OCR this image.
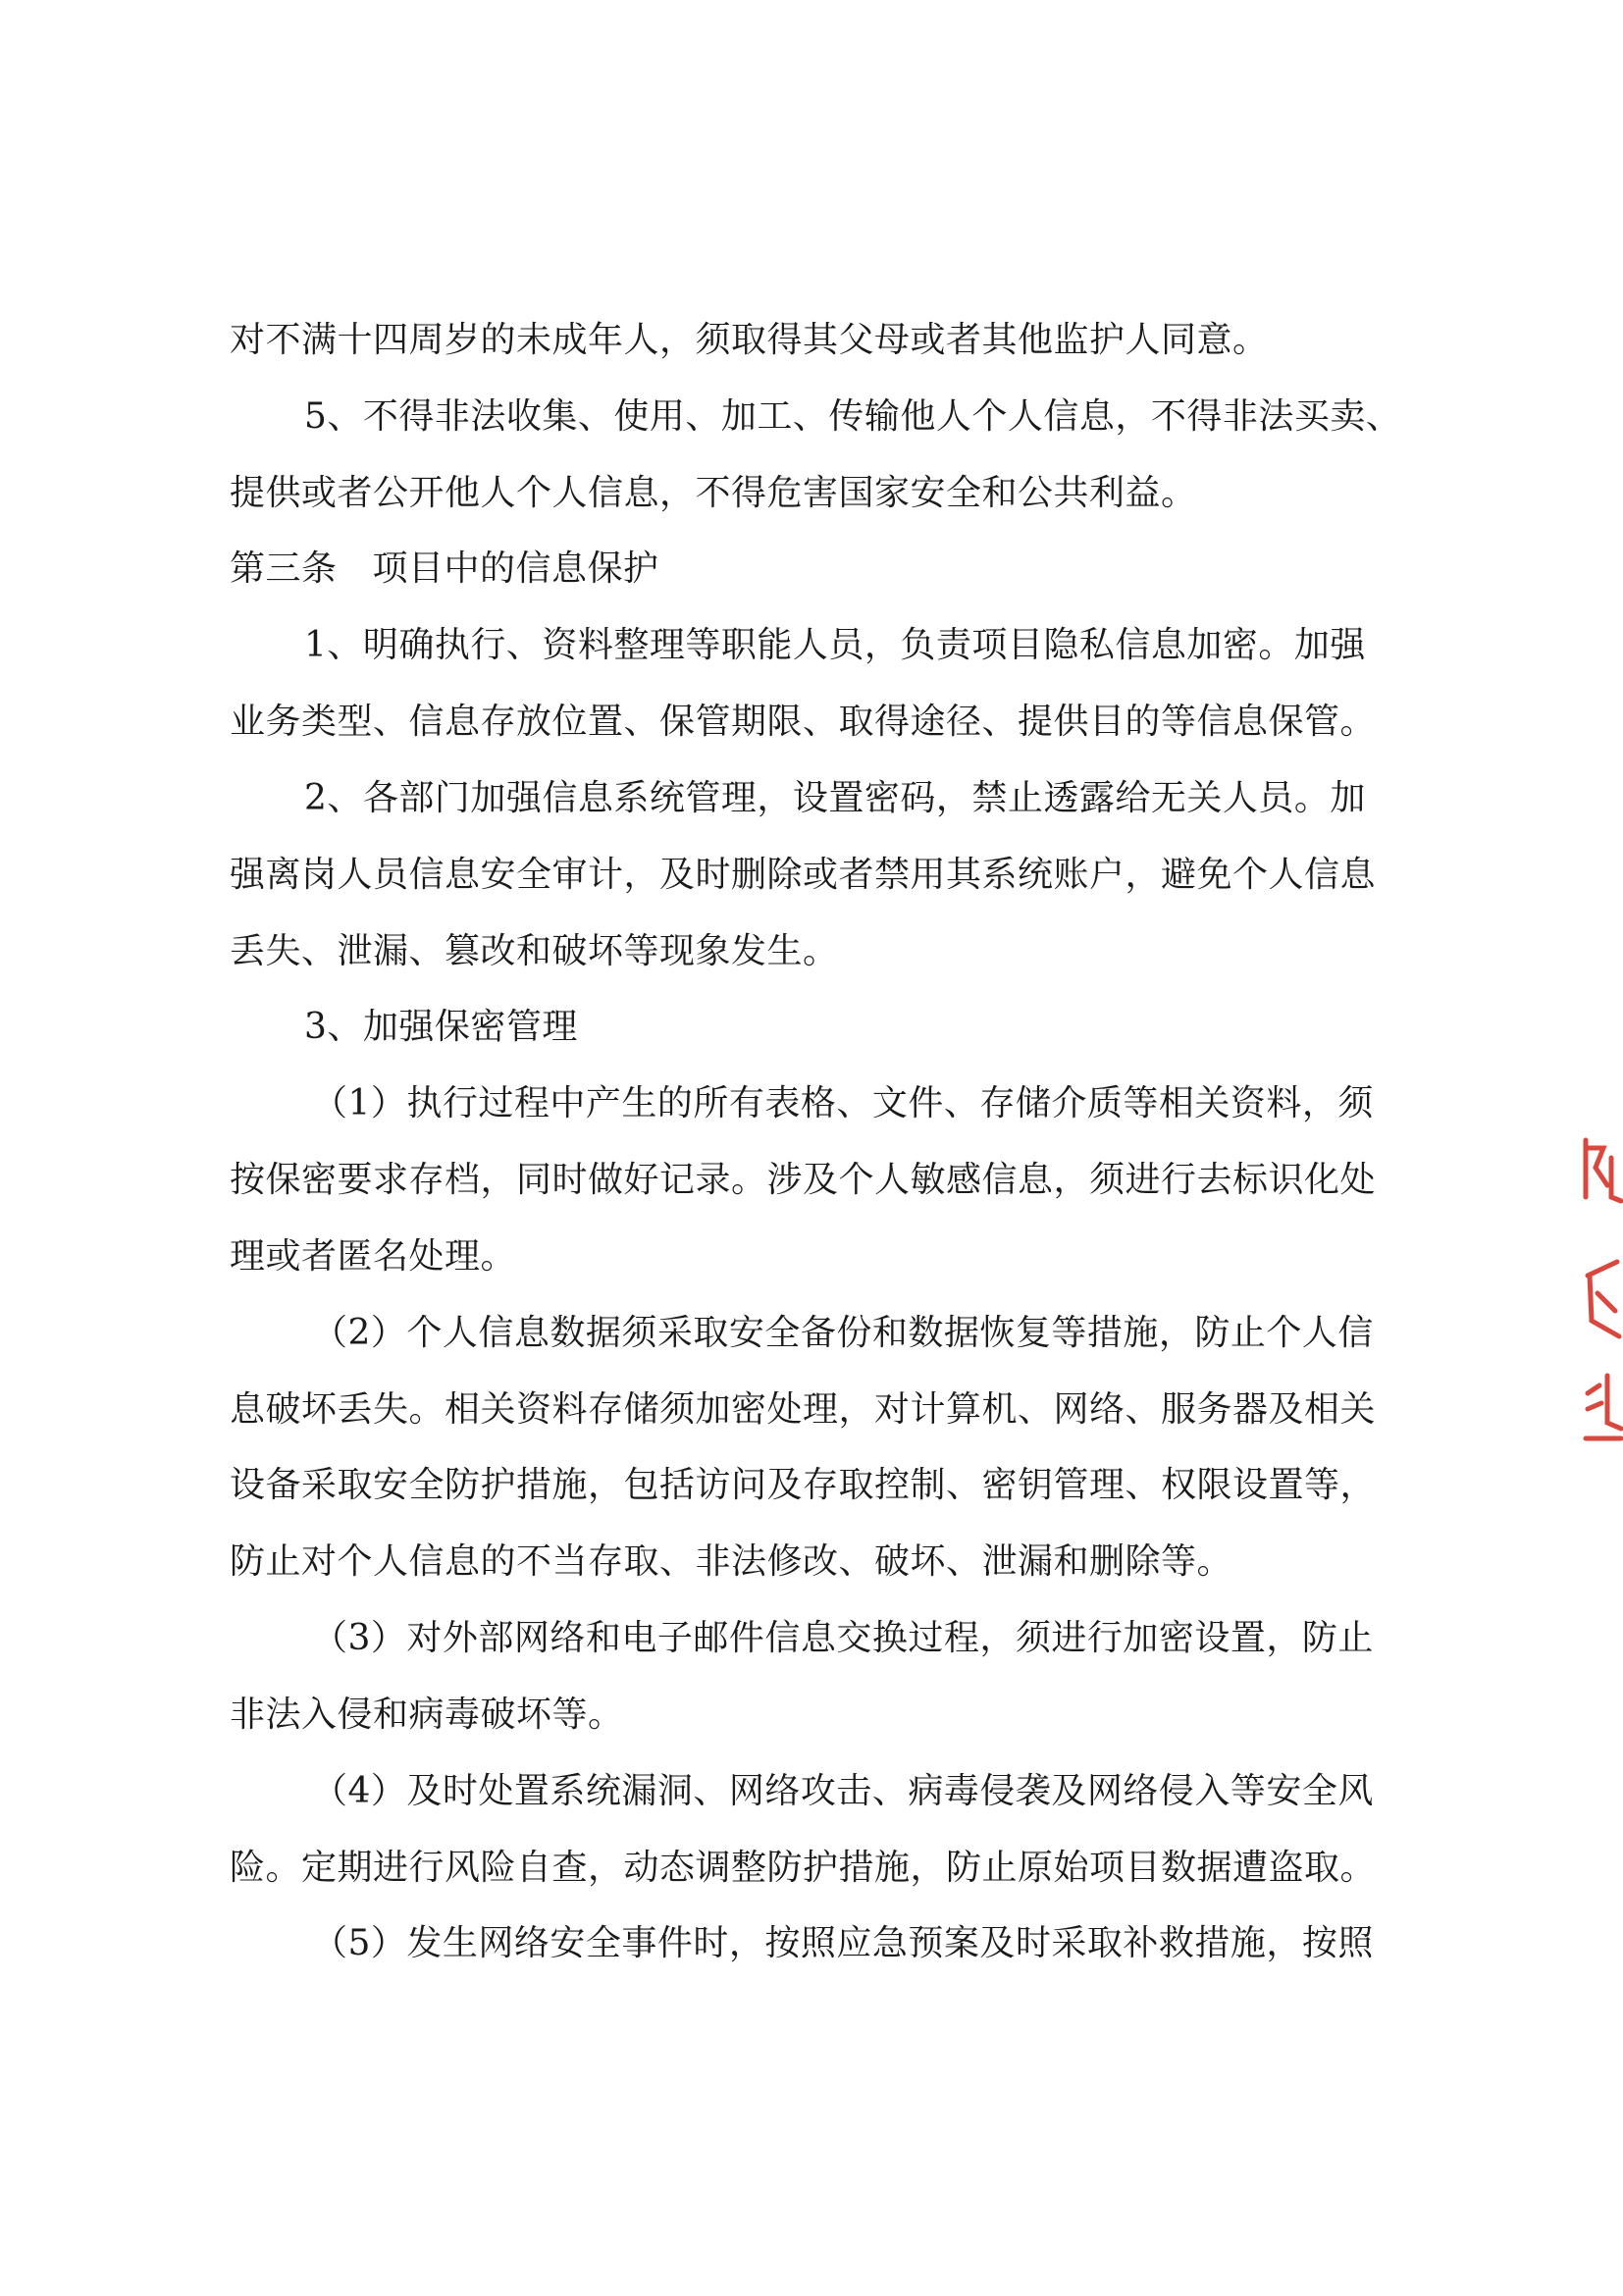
对不满十四周岁的未成年人，须取得其父母或者其他监护人同意。
5、不得非法收集、使用、加工、传输他人个人信息，不得非法买卖、
提供或者公开他人个人信息，不得危害国家安全和公共利益。
第三条 项目中的信息保护
1、明确执行、资料整理等职能人员，负责项目隐私信息加密。加强
业务类型、信息存放位置、保管期限、取得途径、提供目的等信息保管。
2、各部门加强信息系统管理，设置密码，禁止透露给无关人员。加
强离岗人员信息安全审计，及时删除或者禁用其系统账户，避免个人信息
丢失、泄漏、篡改和破坏等现象发生。
3、加强保密管理
（1）执行过程中产生的所有表格、文件、存储介质等相关资料，须
按保密要求存档，同时做好记录。涉及个人敏感信息，须进行去标识化处
理或者匿名处理。
（2）个人信息数据须采取安全备份和数据恢复等措施，防止个人信
息破坏丢失。相关资料存储须加密处理，对计算机、网络、服务器及相关
设备采取安全防护措施，包括访问及存取控制、密钥管理、权限设置等，
防止对个人信息的不当存取、非法修改、破坏、泄漏和删除等。
（3）对外部网络和电子邮件信息交换过程，须进行加密设置，防止
非法入侵和病毒破坏等。
（4）及时处置系统漏洞、网络攻击、病毒侵袭及网络侵入等安全风
险。定期进行风险自查，动态调整防护措施，防止原始项目数据遭盗取。
（5）发生网络安全事件时，按照应急预案及时采取补救措施，按照
